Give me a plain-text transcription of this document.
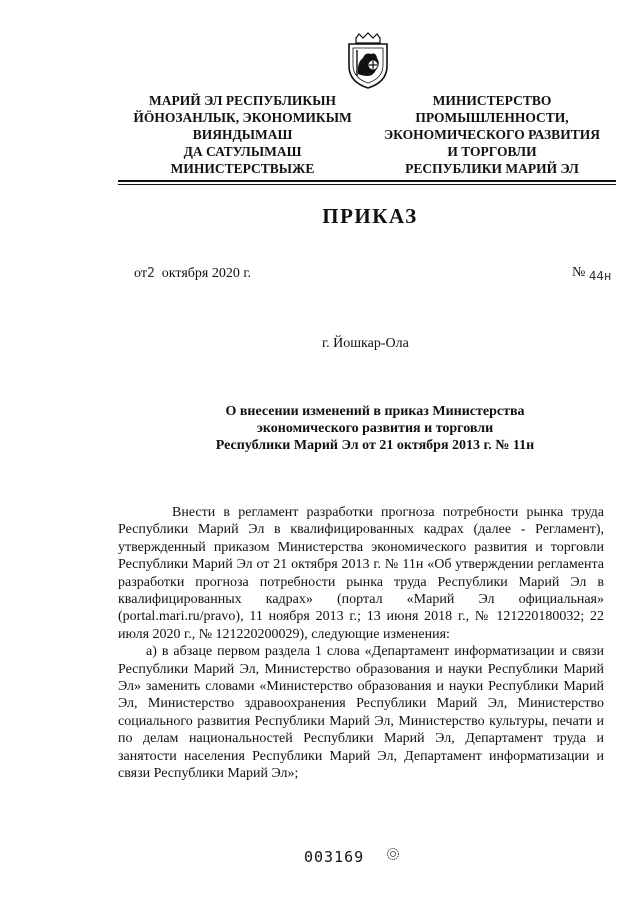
МАРИЙ ЭЛ РЕСПУБЛИКЫН
ЙӦНОЗАНЛЫК, ЭКОНОМИКЫМ
ВИЯНДЫМАШ
ДА САТУЛЫМАШ
МИНИСТЕРСТВЫЖЕ
МИНИСТЕРСТВО
ПРОМЫШЛЕННОСТИ,
ЭКОНОМИЧЕСКОГО РАЗВИТИЯ
И ТОРГОВЛИ
РЕСПУБЛИКИ МАРИЙ ЭЛ
ПРИКАЗ
от2 октября 2020 г.	№ 44н
г. Йошкар-Ола
О внесении изменений в приказ Министерства
экономического развития и торговли
Республики Марий Эл от 21 октября 2013 г. № 11н

Внести в регламент разработки прогноза потребности рынка труда Республики Марий Эл в квалифицированных кадрах (далее - Регламент), утвержденный приказом Министерства экономического развития и торговли Республики Марий Эл от 21 октября 2013 г. № 11н «Об утверждении регламента разработки прогноза потребности рынка труда Республики Марий Эл в квалифицированных кадрах» (портал «Марий Эл официальная» (portal.mari.ru/pravo), 11 ноября 2013 г.; 13 июня 2018 г., № 121220180032; 22 июля 2020 г., № 121220200029), следующие изменения:

а) в абзаце первом раздела 1 слова «Департамент информатизации и связи Республики Марий Эл, Министерство образования и науки Республики Марий Эл» заменить словами «Министерство образования и науки Республики Марий Эл, Министерство здравоохранения Республики Марий Эл, Министерство социального развития Республики Марий Эл, Министерство культуры, печати и по делам национальностей Республики Марий Эл, Департамент труда и занятости населения Республики Марий Эл, Департамент информатизации и связи Республики Марий Эл»;

003169
